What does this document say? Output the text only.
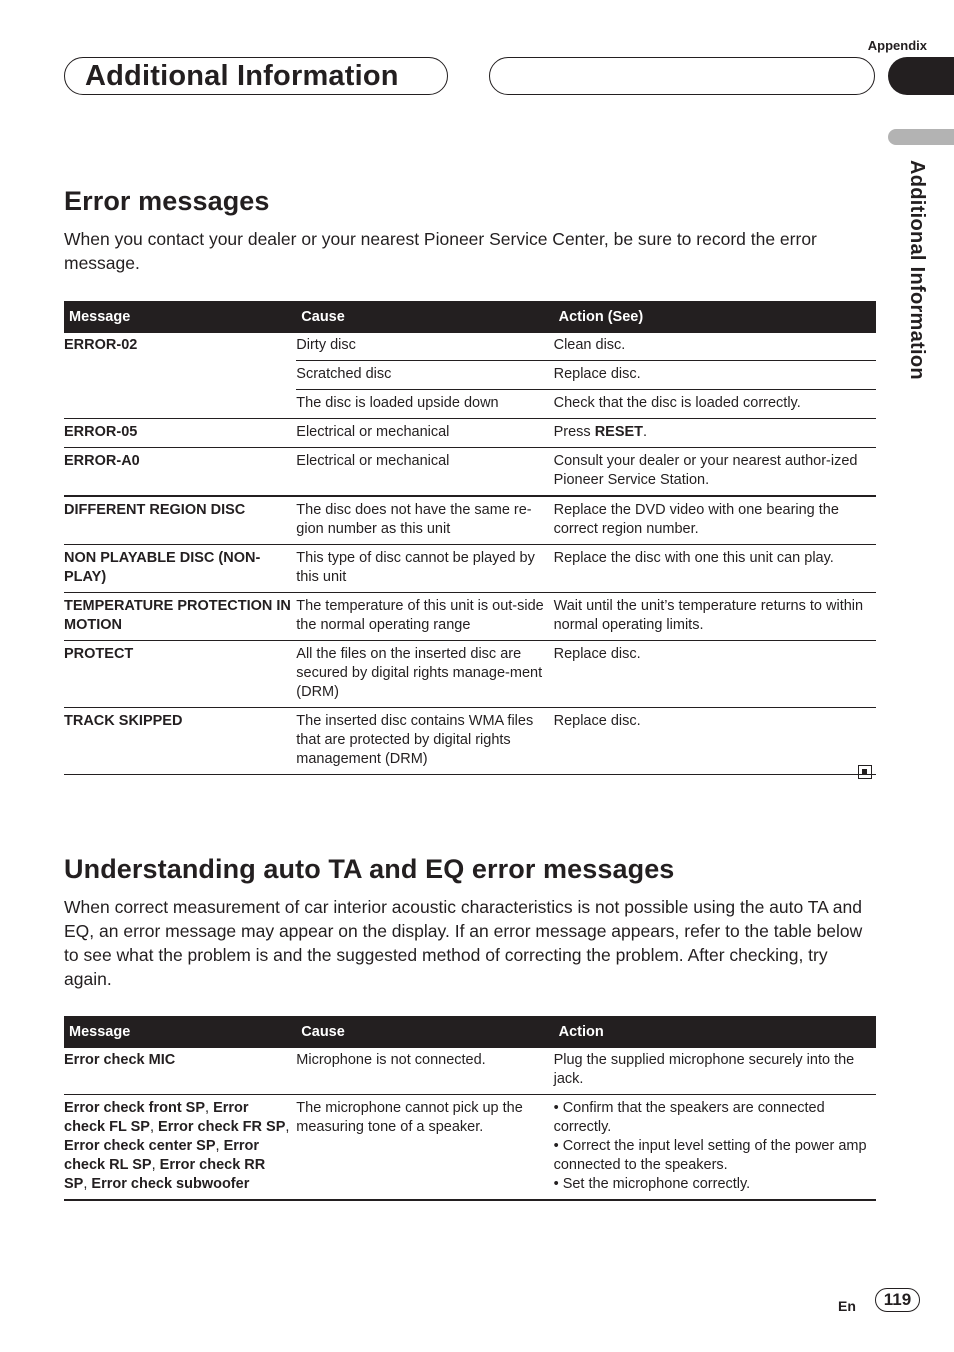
Appendix
Additional Information
Additional Information
Error messages

When you contact your dealer or your nearest Pioneer Service Center, be sure to record the error message.

Message	Cause	Action (See)
ERROR-02	Dirty disc	Clean disc.
	Scratched disc	Replace disc.
	The disc is loaded upside down	Check that the disc is loaded correctly.
ERROR-05	Electrical or mechanical	Press RESET.
ERROR-A0	Electrical or mechanical	Consult your dealer or your nearest author-ized Pioneer Service Station.
DIFFERENT REGION DISC	The disc does not have the same re-gion number as this unit	Replace the DVD video with one bearing the correct region number.
NON PLAYABLE DISC (NON-PLAY)	This type of disc cannot be played by this unit	Replace the disc with one this unit can play.
TEMPERATURE PROTECTION IN MOTION	The temperature of this unit is out-side the normal operating range	Wait until the unit’s temperature returns to within normal operating limits.
PROTECT	All the files on the inserted disc are secured by digital rights manage-ment (DRM)	Replace disc.
TRACK SKIPPED	The inserted disc contains WMA files that are protected by digital rights management (DRM)	Replace disc.
Understanding auto TA and EQ error messages

When correct measurement of car interior acoustic characteristics is not possible using the auto TA and EQ, an error message may appear on the display. If an error message appears, refer to the table below to see what the problem is and the suggested method of correcting the problem. After checking, try again.

Message	Cause	Action
Error check MIC	Microphone is not connected.	Plug the supplied microphone securely into the jack.
Error check front SP, Error check FL SP, Error check FR SP, Error check center SP, Error check RL SP, Error check RR SP, Error check subwoofer	The microphone cannot pick up the measuring tone of a speaker.	• Confirm that the speakers are connected correctly.
• Correct the input level setting of the power amp connected to the speakers.
• Set the microphone correctly.
En	119
